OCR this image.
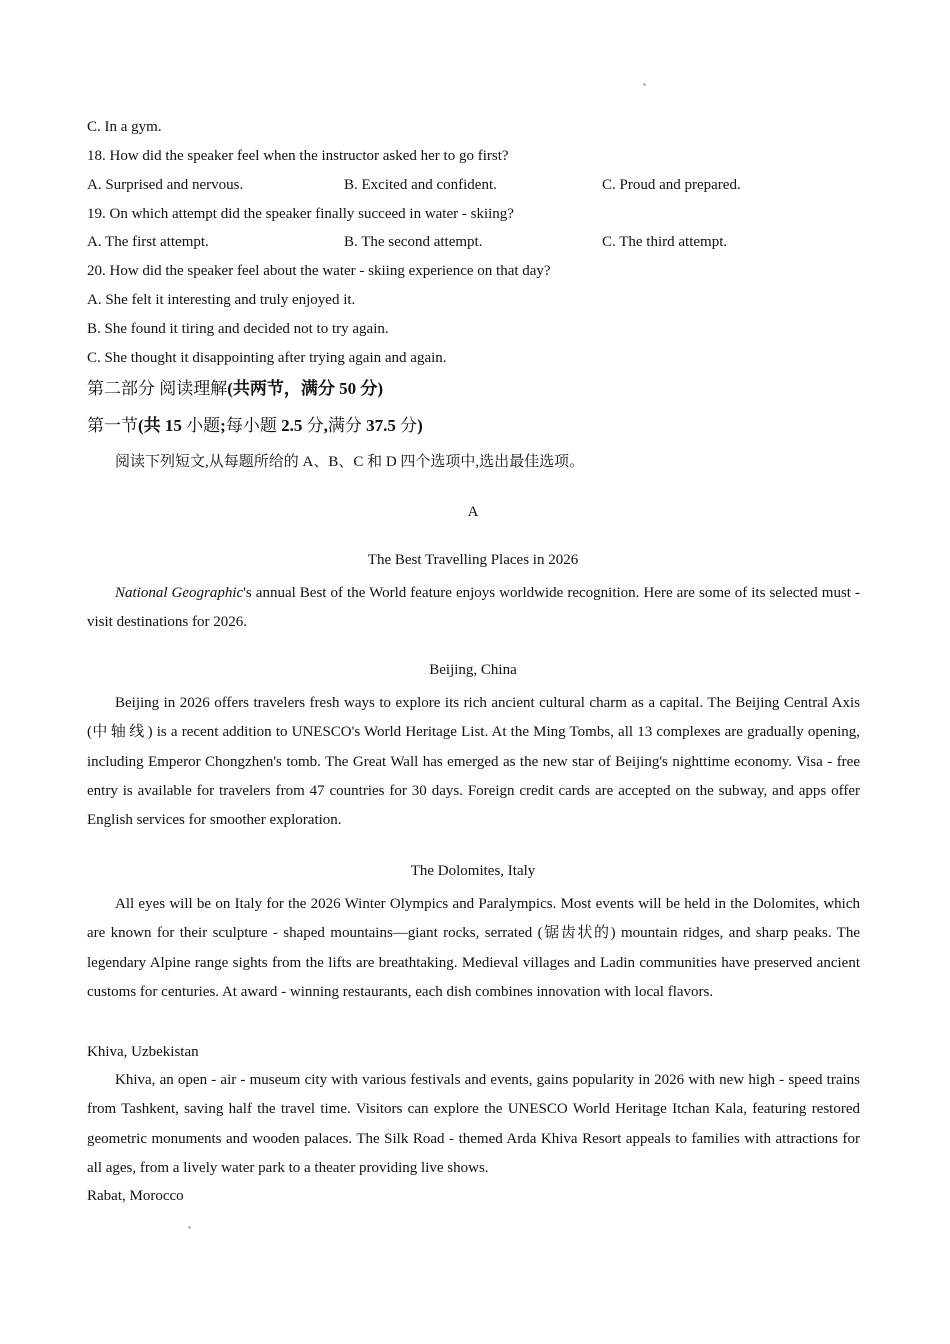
C. In a gym.
18. How did the speaker feel when the instructor asked her to go first?
A. Surprised and nervous.	B. Excited and confident.	C. Proud and prepared.
19. On which attempt did the speaker finally succeed in water - skiing?
A. The first attempt.	B. The second attempt.	C. The third attempt.
20. How did the speaker feel about the water - skiing experience on that day?
A. She felt it interesting and truly enjoyed it.
B. She found it tiring and decided not to try again.
C. She thought it disappointing after trying again and again.
第二部分 阅读理解(共两节，满分 50 分)
第一节(共 15 小题;每小题 2.5 分,满分 37.5 分)
阅读下列短文,从每题所给的 A、B、C 和 D 四个选项中,选出最佳选项。
A
The Best Travelling Places in 2026
National Geographic's annual Best of the World feature enjoys worldwide recognition. Here are some of its selected must - visit destinations for 2026.
Beijing, China
Beijing in 2026 offers travelers fresh ways to explore its rich ancient cultural charm as a capital. The Beijing Central Axis (中轴线) is a recent addition to UNESCO's World Heritage List. At the Ming Tombs, all 13 complexes are gradually opening, including Emperor Chongzhen's tomb. The Great Wall has emerged as the new star of Beijing's nighttime economy. Visa - free entry is available for travelers from 47 countries for 30 days. Foreign credit cards are accepted on the subway, and apps offer English services for smoother exploration.
The Dolomites, Italy
All eyes will be on Italy for the 2026 Winter Olympics and Paralympics. Most events will be held in the Dolomites, which are known for their sculpture - shaped mountains—giant rocks, serrated (锯齿状的) mountain ridges, and sharp peaks. The legendary Alpine range sights from the lifts are breathtaking. Medieval villages and Ladin communities have preserved ancient customs for centuries. At award - winning restaurants, each dish combines innovation with local flavors.
Khiva, Uzbekistan
Khiva, an open - air - museum city with various festivals and events, gains popularity in 2026 with new high - speed trains from Tashkent, saving half the travel time. Visitors can explore the UNESCO World Heritage Itchan Kala, featuring restored geometric monuments and wooden palaces. The Silk Road - themed Arda Khiva Resort appeals to families with attractions for all ages, from a lively water park to a theater providing live shows.
Rabat, Morocco
